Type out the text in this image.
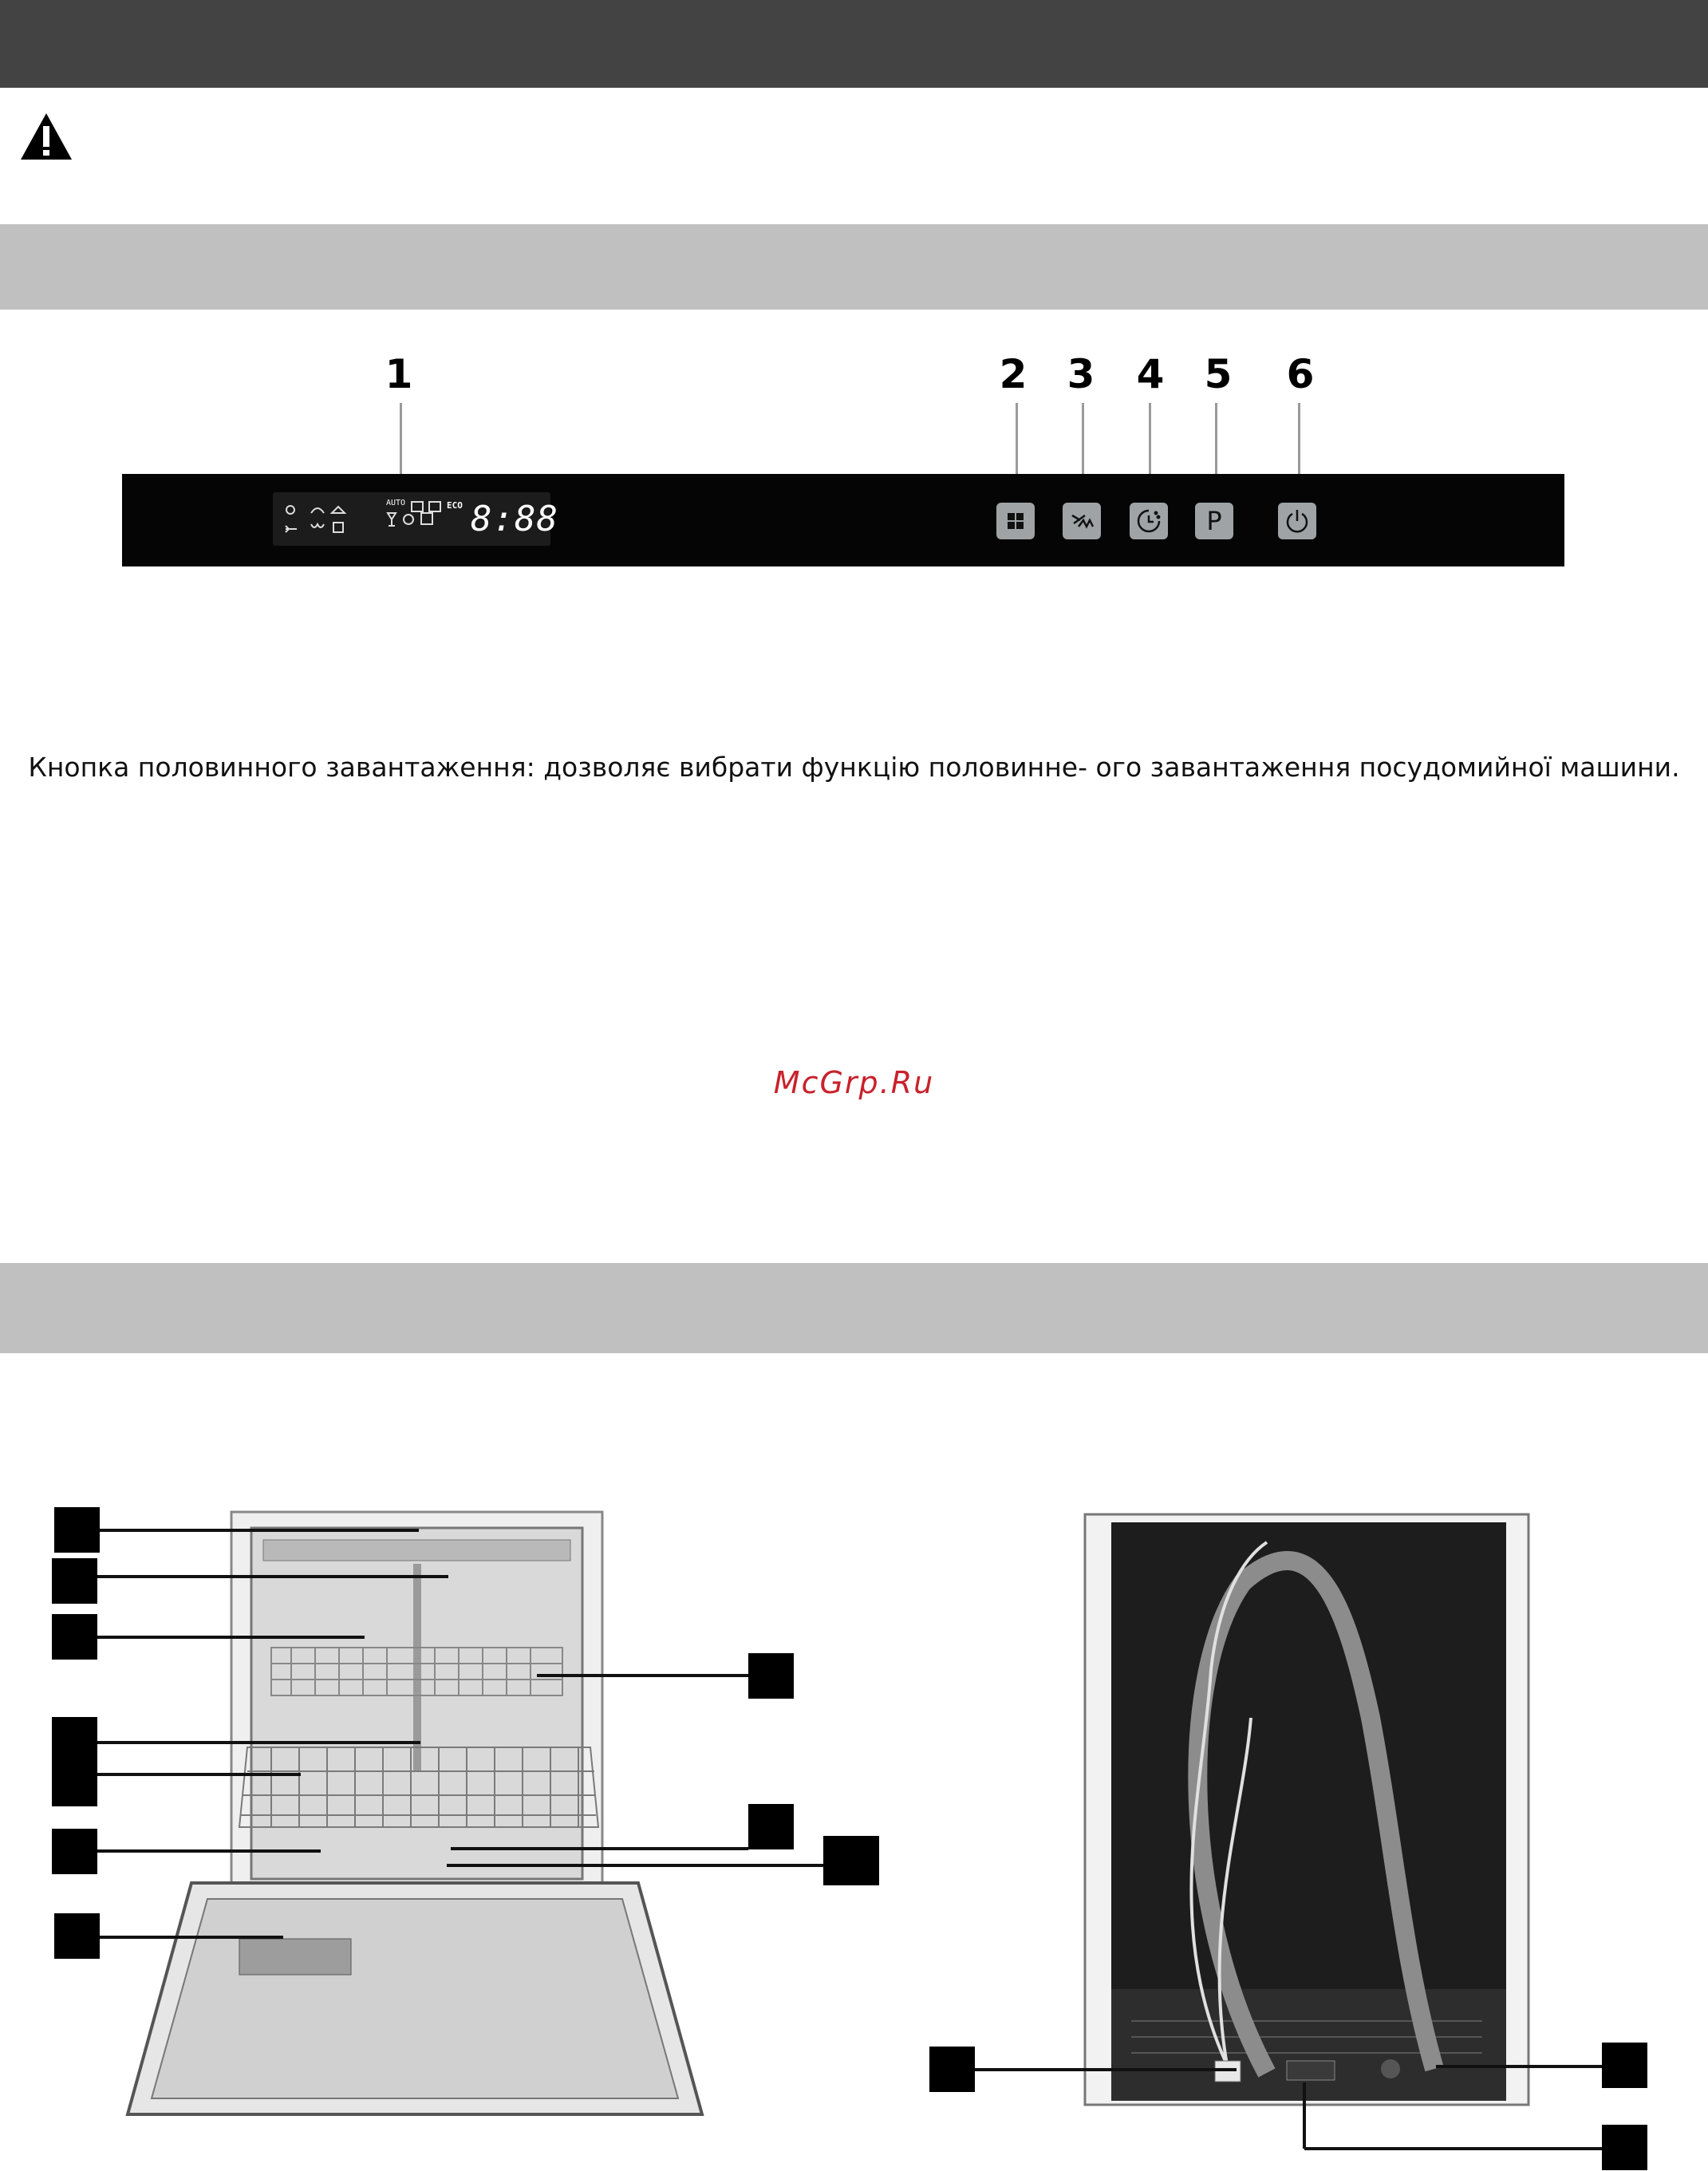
1	2 3 4 5 6
AUTO	ECO 8:88	P
Кнопка половинного завантаження: дозволяє вибрати функцію половинне- ого завантаження посудомийної машини.
McGrp.Ru
